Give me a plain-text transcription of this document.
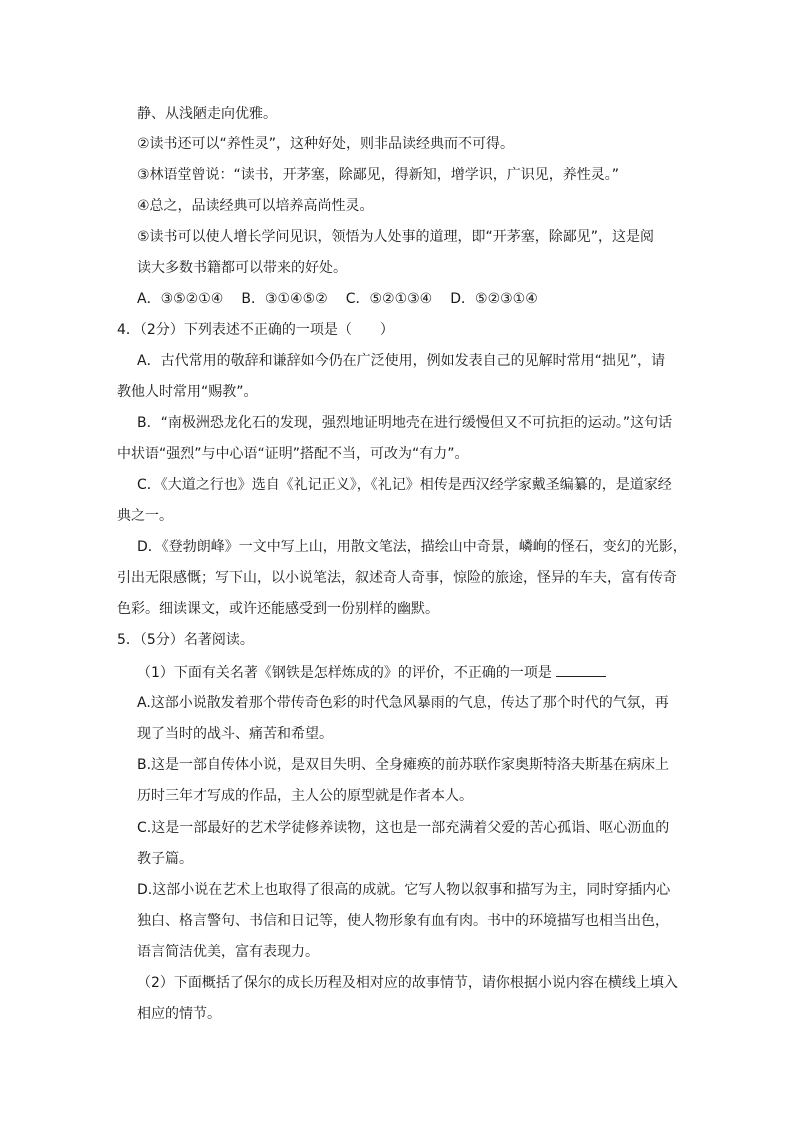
静、从浅陋走向优雅。
②读书还可以“养性灵”，这种好处，则非品读经典而不可得。
③林语堂曾说：“读书，开茅塞，除鄙见，得新知，增学识，广识见，养性灵。”
④总之，品读经典可以培养高尚性灵。
⑤读书可以使人增长学问见识，领悟为人处事的道理，即“开茅塞，除鄙见”，这是阅
读大多数书籍都可以带来的好处。
A．③⑤②①④ B．③①④⑤② C．⑤②①③④ D．⑤②③①④
4．（2分）下列表述不正确的一项是（　　）
A．古代常用的敬辞和谦辞如今仍在广泛使用，例如发表自己的见解时常用“拙见”，请
教他人时常用“赐教”。
B．“南极洲恐龙化石的发现，强烈地证明地壳在进行缓慢但又不可抗拒的运动。”这句话
中状语“强烈”与中心语“证明”搭配不当，可改为“有力”。
C．《大道之行也》选自《礼记正义》，《礼记》相传是西汉经学家戴圣编纂的，是道家经
典之一。
D．《登勃朗峰》一文中写上山，用散文笔法，描绘山中奇景，嶙峋的怪石，变幻的光影，
引出无限感慨；写下山，以小说笔法，叙述奇人奇事，惊险的旅途，怪异的车夫，富有传奇
色彩。细读课文，或许还能感受到一份别样的幽默。
5．（5分）名著阅读。
（1）下面有关名著《钢铁是怎样炼成的》的评价，不正确的一项是
A.这部小说散发着那个带传奇色彩的时代急风暴雨的气息，传达了那个时代的气氛，再
现了当时的战斗、痛苦和希望。
B.这是一部自传体小说，是双目失明、全身瘫痪的前苏联作家奥斯特洛夫斯基在病床上
历时三年才写成的作品，主人公的原型就是作者本人。
C.这是一部最好的艺术学徒修养读物，这也是一部充满着父爱的苦心孤诣、呕心沥血的
教子篇。
D.这部小说在艺术上也取得了很高的成就。它写人物以叙事和描写为主，同时穿插内心
独白、格言警句、书信和日记等，使人物形象有血有肉。书中的环境描写也相当出色，
语言简洁优美，富有表现力。
（2）下面概括了保尔的成长历程及相对应的故事情节，请你根据小说内容在横线上填入
相应的情节。
